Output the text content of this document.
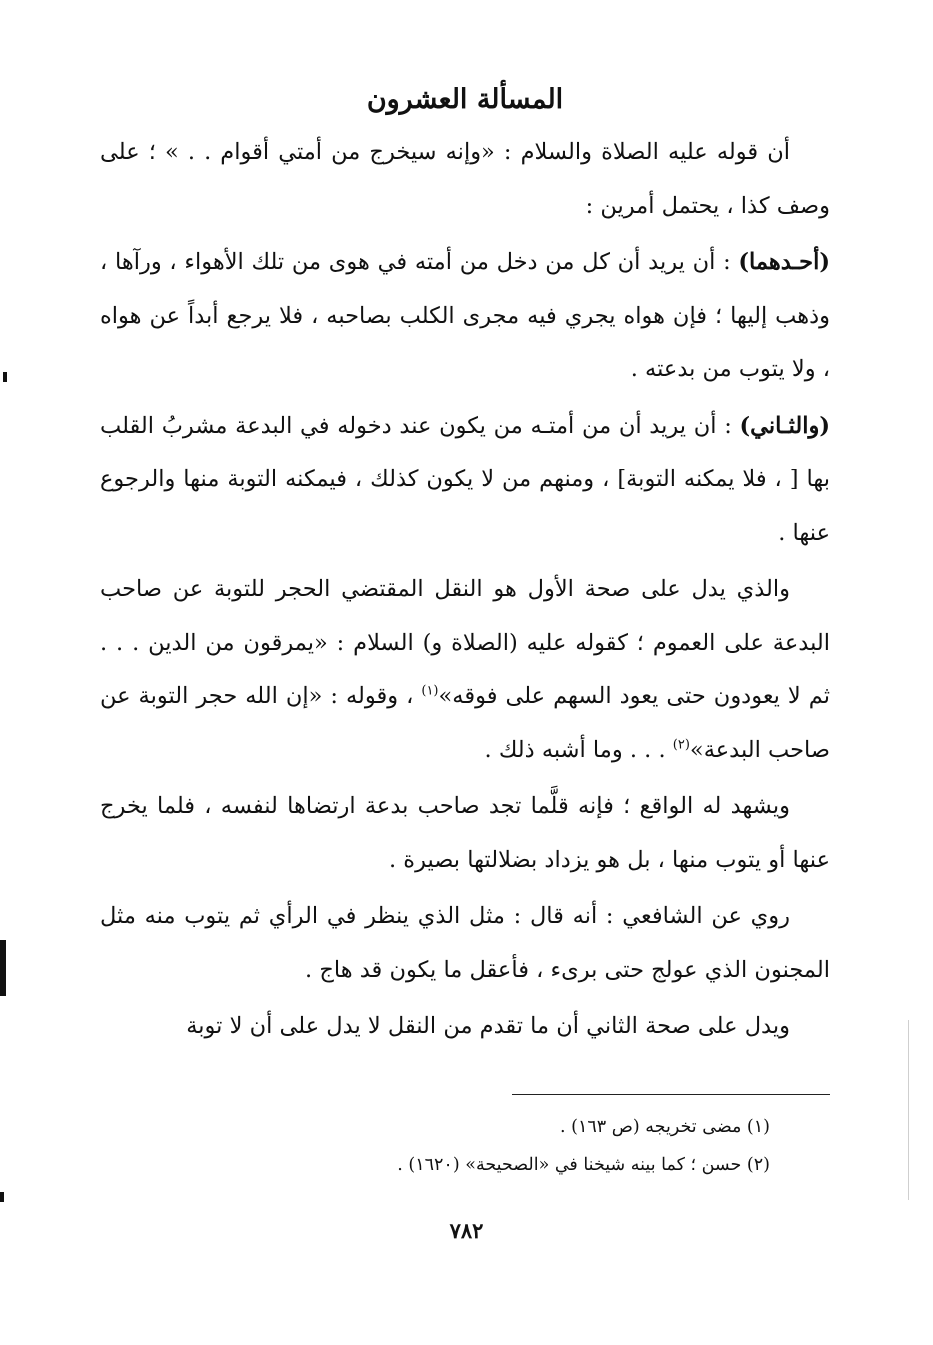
المسألة العشرون

أن قوله عليه الصلاة والسلام : «وإنه سيخرج من أمتي أقوام . . » ؛ على وصف كذا ، يحتمل أمرين :

(أحـدهما) : أن يريد أن كل من دخل من أمته في هوى من تلك الأهواء ، ورآها ، وذهب إليها ؛ فإن هواه يجري فيه مجرى الكلب بصاحبه ، فلا يرجع أبداً عن هواه ، ولا يتوب من بدعته .

(والثـاني) : أن يريد أن من أمتـه من يكون عند دخوله في البدعة مشربُ القلب بها [ ، فلا يمكنه التوبة] ، ومنهم من لا يكون كذلك ، فيمكنه التوبة منها والرجوع عنها .

والذي يدل على صحة الأول هو النقل المقتضي الحجر للتوبة عن صاحب البدعة على العموم ؛ كقوله عليه (الصلاة و) السلام : «يمرقون من الدين . . . ثم لا يعودون حتى يعود السهم على فوقه»$^{(١)}$ ، وقوله : «إن الله حجر التوبة عن صاحب البدعة»$^{(٢)}$ . . . وما أشبه ذلك .

ويشهد له الواقع ؛ فإنه قلَّما تجد صاحب بدعة ارتضاها لنفسه ، فلما يخرج عنها أو يتوب منها ، بل هو يزداد بضلالتها بصيرة .

روي عن الشافعي : أنه قال : مثل الذي ينظر في الرأي ثم يتوب منه مثل المجنون الذي عولج حتى برىء ، فأعقل ما يكون قد هاج .

ويدل على صحة الثاني أن ما تقدم من النقل لا يدل على أن لا توبة

(١) مضى تخريجه (ص ١٦٣) .

(٢) حسن ؛ كما بينه شيخنا في «الصحيحة» (١٦٢٠) .

٧٨٢
